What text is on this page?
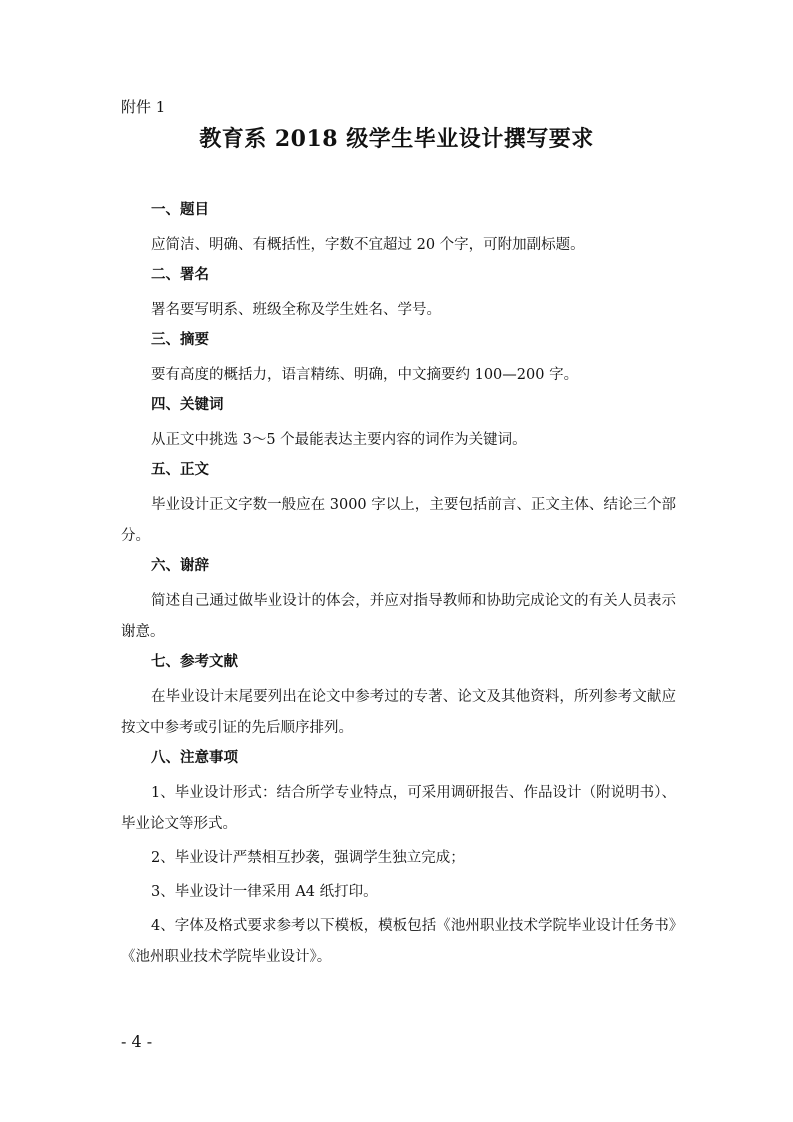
附件 1
教育系 2018 级学生毕业设计撰写要求
一、题目

应简洁、明确、有概括性，字数不宜超过 20 个字，可附加副标题。

二、署名

署名要写明系、班级全称及学生姓名、学号。

三、摘要

要有高度的概括力，语言精练、明确，中文摘要约 100—200 字。

四、关键词

从正文中挑选 3～5 个最能表达主要内容的词作为关键词。

五、正文

毕业设计正文字数一般应在 3000 字以上，主要包括前言、正文主体、结论三个部分。

六、谢辞

简述自己通过做毕业设计的体会，并应对指导教师和协助完成论文的有关人员表示谢意。

七、参考文献

在毕业设计末尾要列出在论文中参考过的专著、论文及其他资料，所列参考文献应按文中参考或引证的先后顺序排列。

八、注意事项

1、毕业设计形式：结合所学专业特点，可采用调研报告、作品设计（附说明书）、毕业论文等形式。

2、毕业设计严禁相互抄袭，强调学生独立完成；

3、毕业设计一律采用 A4 纸打印。

4、字体及格式要求参考以下模板，模板包括《池州职业技术学院毕业设计任务书》《池州职业技术学院毕业设计》。

- 4 -
